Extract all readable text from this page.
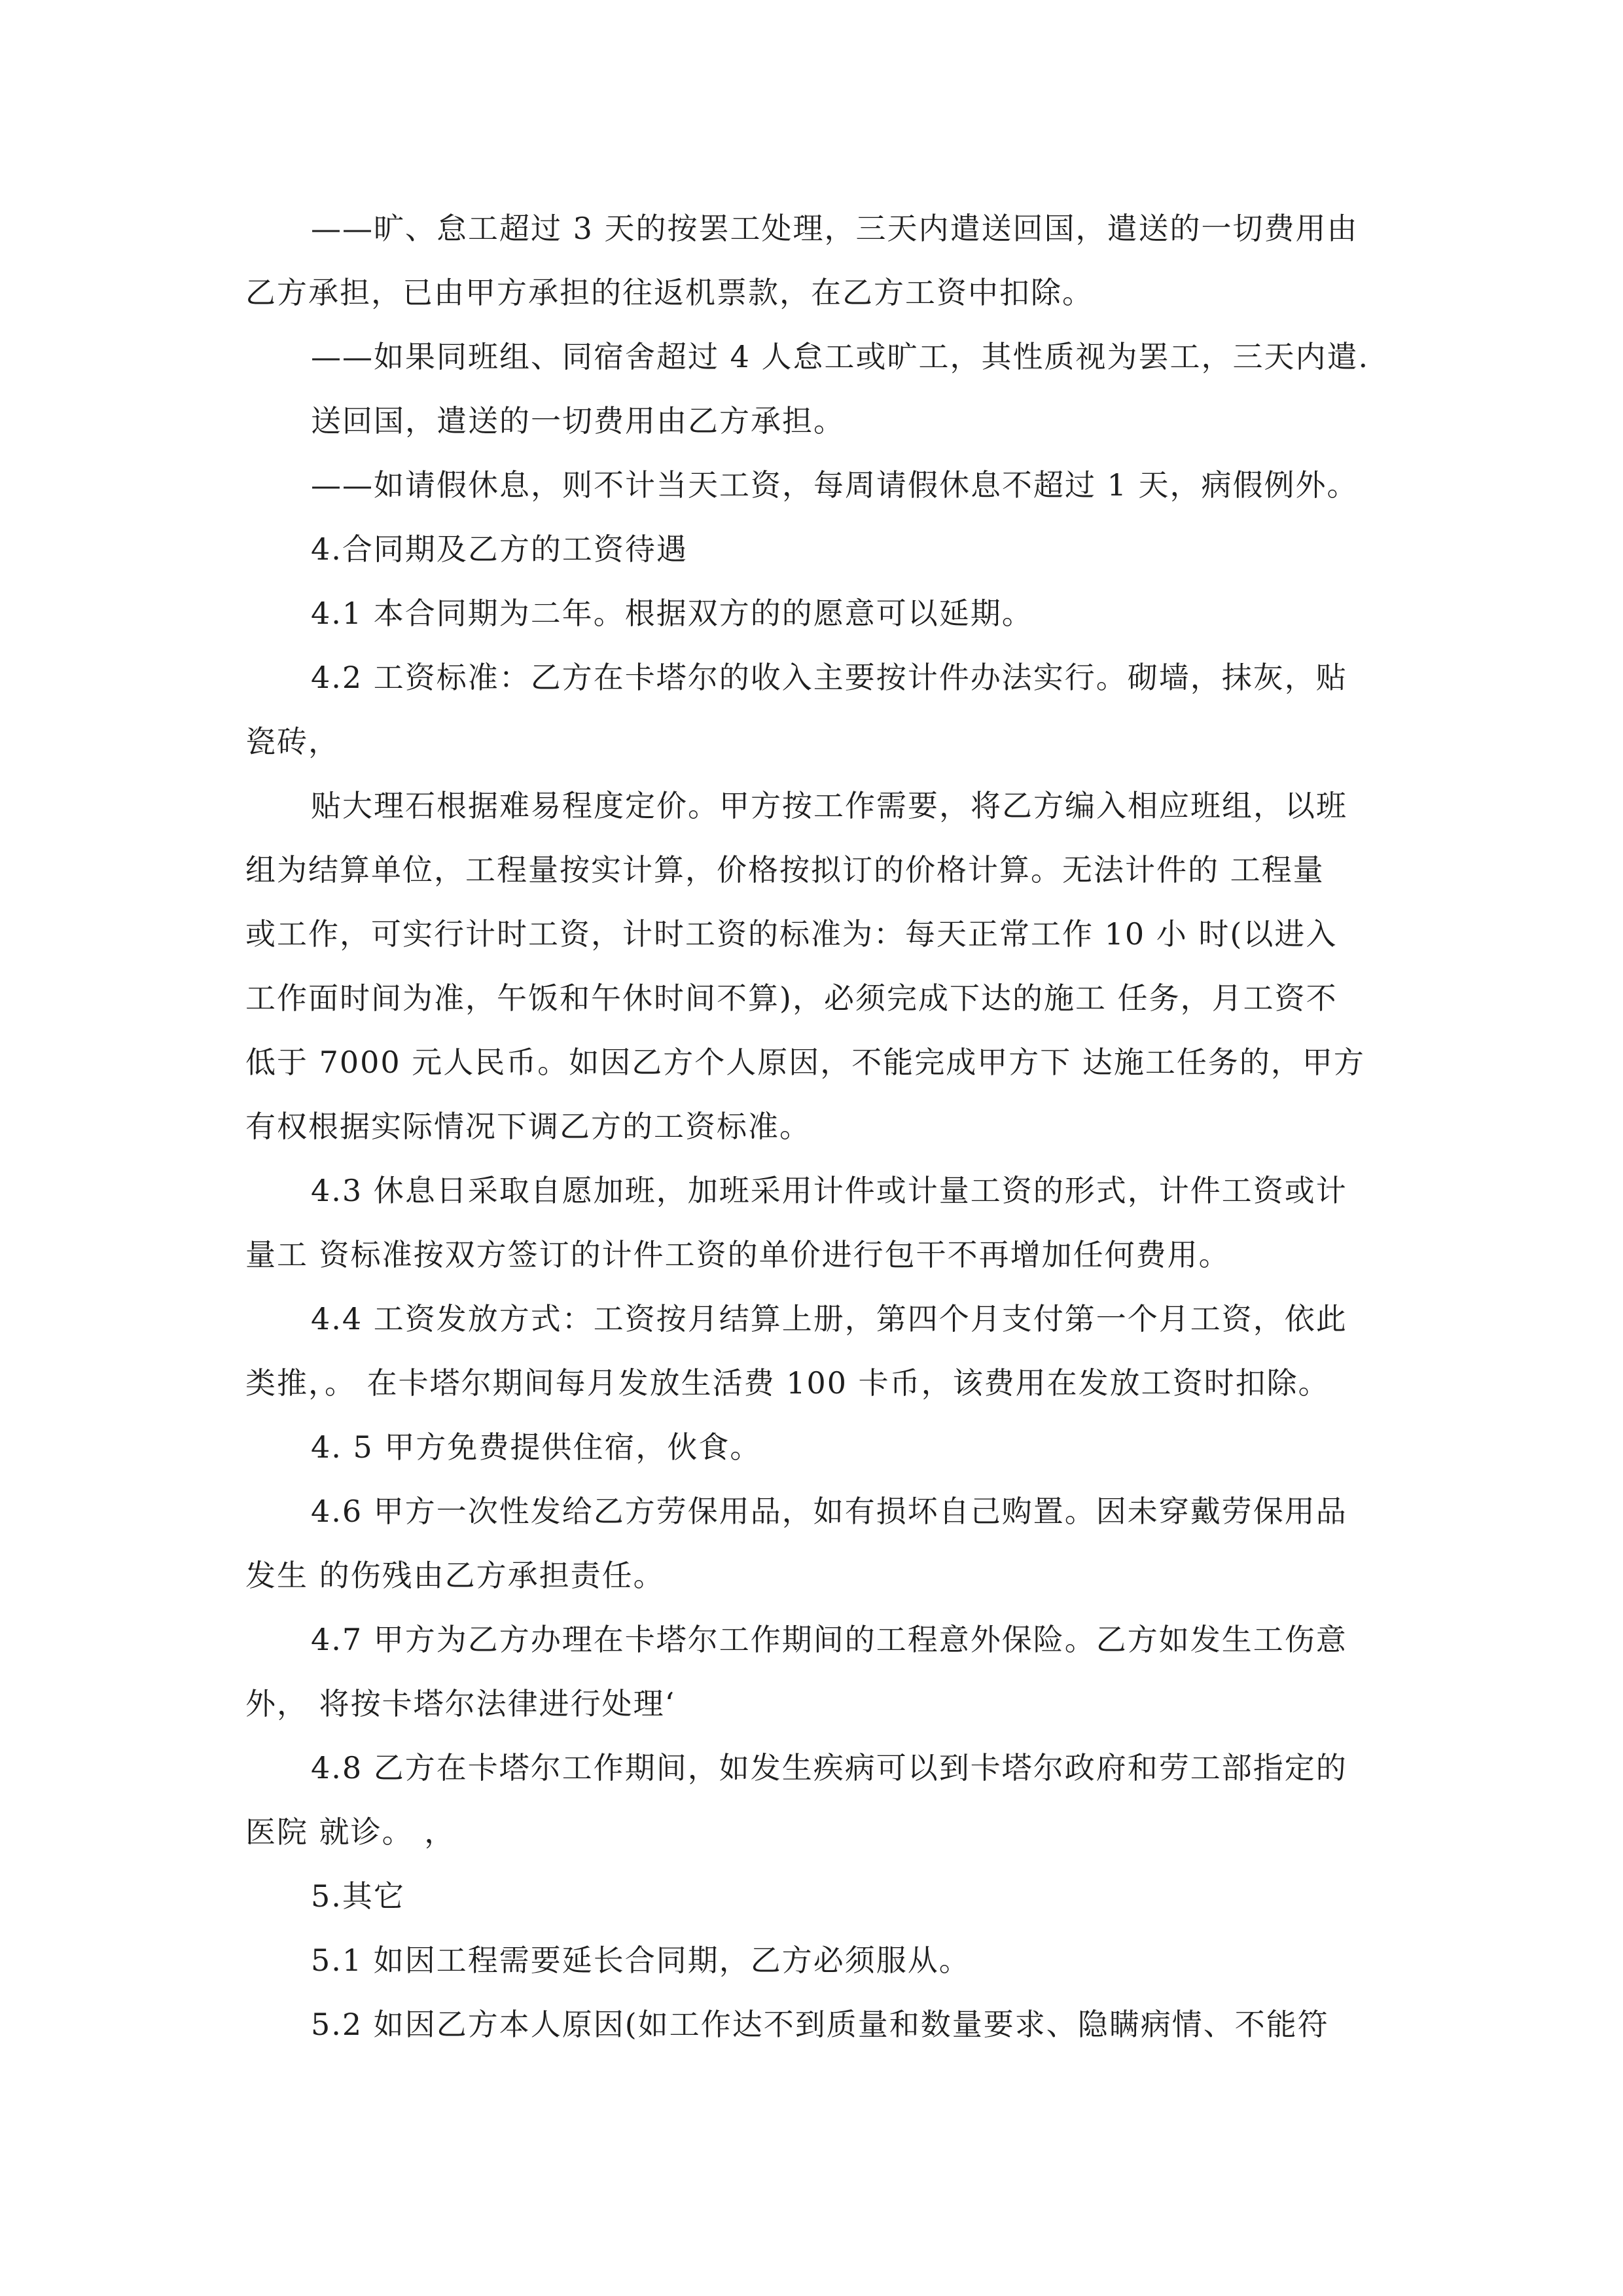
——旷、怠工超过 3 天的按罢工处理，三天内遣送回国，遣送的一切费用由
乙方承担，已由甲方承担的往返机票款，在乙方工资中扣除。
——如果同班组、同宿舍超过 4 人怠工或旷工，其性质视为罢工，三天内遣.
送回国，遣送的一切费用由乙方承担。
——如请假休息，则不计当天工资，每周请假休息不超过 1 天，病假例外。
4.合同期及乙方的工资待遇
4.1 本合同期为二年。根据双方的的愿意可以延期。
4.2 工资标准：乙方在卡塔尔的收入主要按计件办法实行。砌墙，抹灰，贴
瓷砖，
贴大理石根据难易程度定价。甲方按工作需要，将乙方编入相应班组，以班
组为结算单位，工程量按实计算，价格按拟订的价格计算。无法计件的 工程量
或工作，可实行计时工资，计时工资的标准为：每天正常工作 10 小 时(以进入
工作面时间为准，午饭和午休时间不算)，必须完成下达的施工 任务，月工资不
低于 7000 元人民币。如因乙方个人原因，不能完成甲方下 达施工任务的，甲方
有权根据实际情况下调乙方的工资标准。
4.3 休息日采取自愿加班，加班采用计件或计量工资的形式，计件工资或计
量工 资标准按双方签订的计件工资的单价进行包干不再增加任何费用。
4.4 工资发放方式：工资按月结算上册，第四个月支付第一个月工资，依此
类推，。 在卡塔尔期间每月发放生活费 100 卡币，该费用在发放工资时扣除。
4. 5 甲方免费提供住宿，伙食。
4.6 甲方一次性发给乙方劳保用品，如有损坏自己购置。因未穿戴劳保用品
发生 的伤残由乙方承担责任。
4.7 甲方为乙方办理在卡塔尔工作期间的工程意外保险。乙方如发生工伤意
外， 将按卡塔尔法律进行处理‘
4.8 乙方在卡塔尔工作期间，如发生疾病可以到卡塔尔政府和劳工部指定的
医院 就诊。 ，
5.其它
5.1 如因工程需要延长合同期，乙方必须服从。
5.2 如因乙方本人原因(如工作达不到质量和数量要求、隐瞒病情、不能符
